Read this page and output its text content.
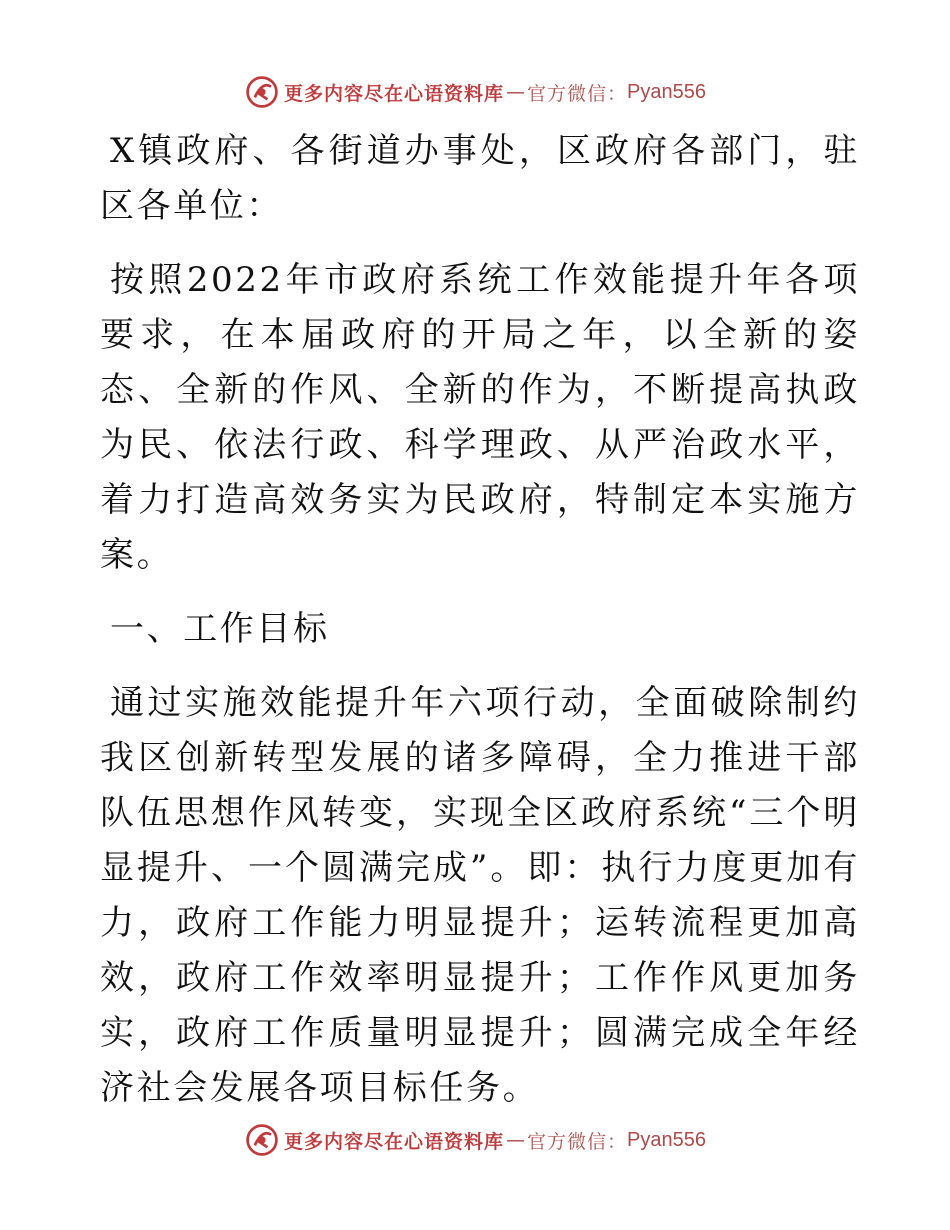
更多内容尽在心语资料库 — 官方微信： Pyan556

X镇政府、各街道办事处，区政府各部门，驻区各单位：

按照2022年市政府系统工作效能提升年各项要求，在本届政府的开局之年，以全新的姿态、全新的作风、全新的作为，不断提高执政为民、依法行政、科学理政、从严治政水平，着力打造高效务实为民政府，特制定本实施方案。

一、工作目标

通过实施效能提升年六项行动，全面破除制约我区创新转型发展的诸多障碍，全力推进干部队伍思想作风转变，实现全区政府系统“三个明显提升、一个圆满完成”。即：执行力度更加有力，政府工作能力明显提升；运转流程更加高效，政府工作效率明显提升；工作作风更加务实，政府工作质量明显提升；圆满完成全年经济社会发展各项目标任务。

更多内容尽在心语资料库 — 官方微信： Pyan556
